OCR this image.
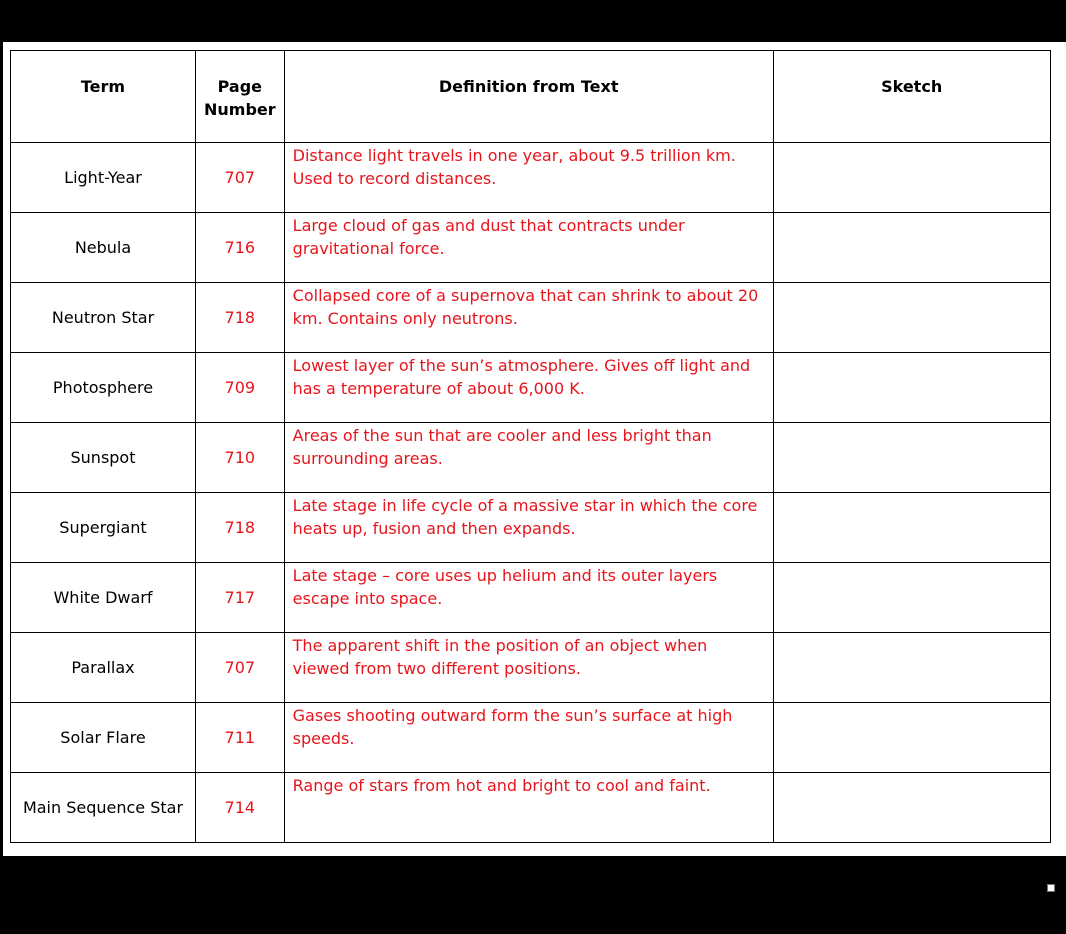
Term	Page Number	Definition from Text	Sketch
Light-Year	707	Distance light travels in one year, about 9.5 trillion km. Used to record distances.	
Nebula	716	Large cloud of gas and dust that contracts under gravitational force.	
Neutron Star	718	Collapsed core of a supernova that can shrink to about 20 km. Contains only neutrons.	
Photosphere	709	Lowest layer of the sun’s atmosphere. Gives off light and has a temperature of about 6,000 K.	
Sunspot	710	Areas of the sun that are cooler and less bright than surrounding areas.	
Supergiant	718	Late stage in life cycle of a massive star in which the core heats up, fusion and then expands.	
White Dwarf	717	Late stage – core uses up helium and its outer layers escape into space.	
Parallax	707	The apparent shift in the position of an object when viewed from two different positions.	
Solar Flare	711	Gases shooting outward form the sun’s surface at high speeds.	
Main Sequence Star	714	Range of stars from hot and bright to cool and faint.	
